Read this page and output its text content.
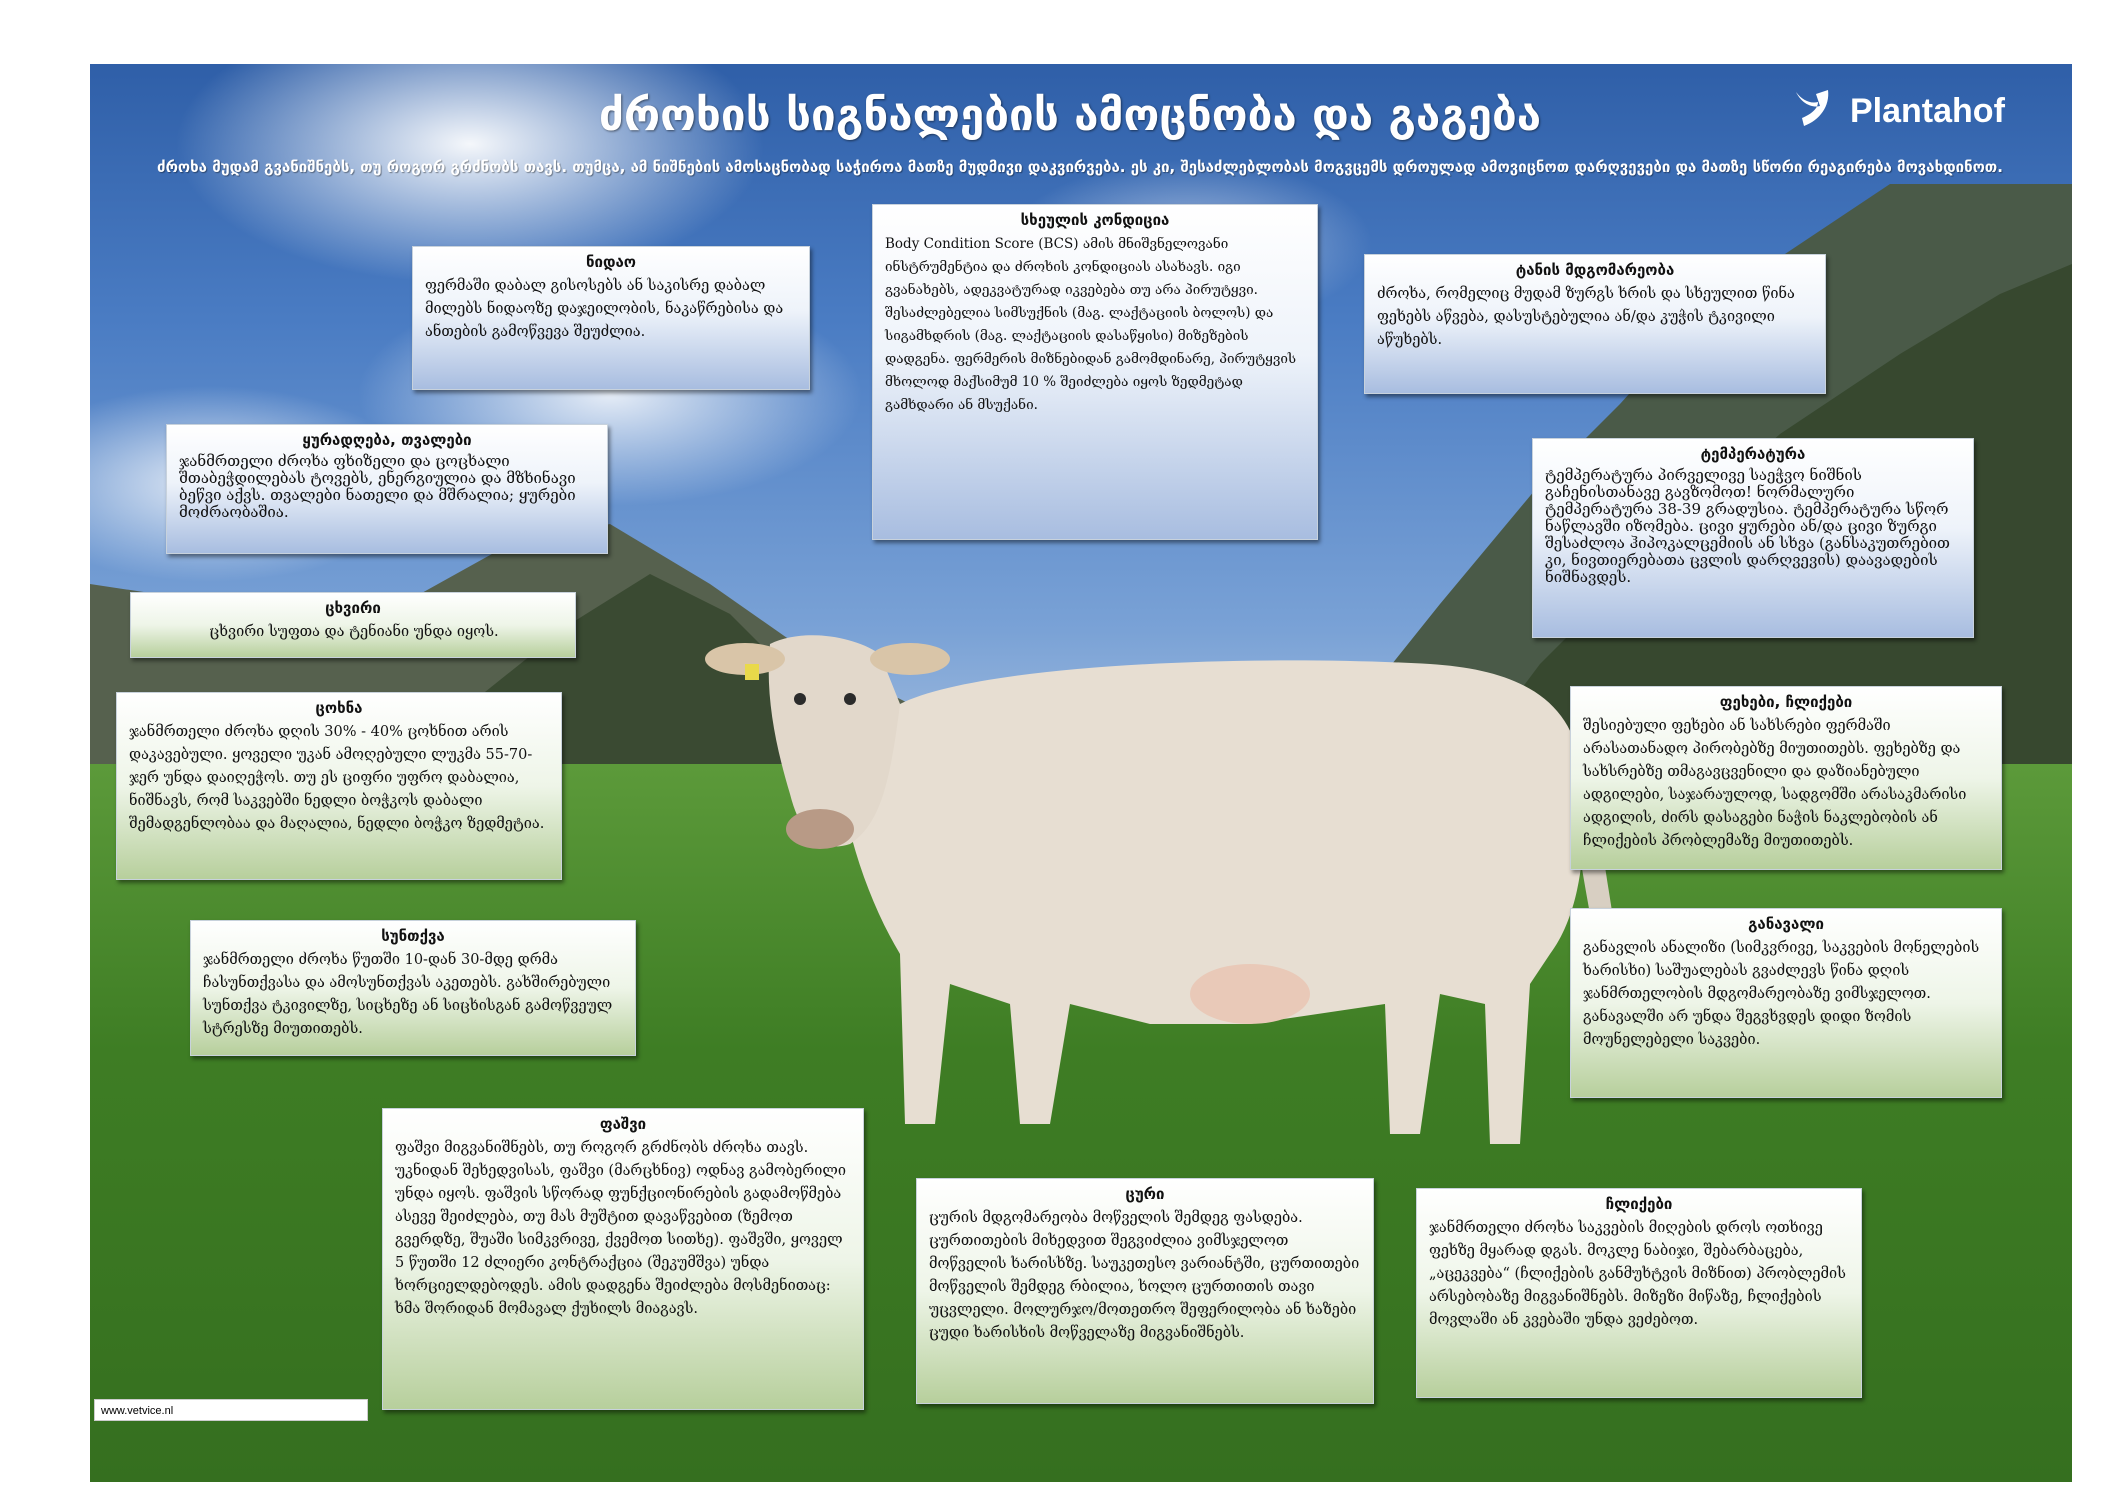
ძროხის სიგნალების ამოცნობა და გაგება
ძროხა მუდამ გვანიშნებს, თუ როგორ გრძნობს თავს. თუმცა, ამ ნიშნების ამოსაცნობად საჭიროა მათზე მუდმივი დაკვირვება. ეს კი, შესაძლებლობას მოგვცემს დროულად ამოვიცნოთ დარღვევები და მათზე სწორი რეაგირება მოვახდინოთ.
Plantahof
ნიდაო

ფერმაში დაბალ გისოსებს ან საკისრე დაბალ მილებს ნიდაოზე დაჯეილობის, ნაკაწრებისა და ანთების გამოწვევა შეუძლია.

სხეულის კონდიცია

Body Condition Score (BCS) ამის მნიშვნელოვანი ინსტრუმენტია და ძროხის კონდიციას ასახავს. იგი გვანახებს, ადეკვატურად იკვებება თუ არა პირუტყვი. შესაძლებელია სიმსუქნის (მაგ. ლაქტაციის ბოლოს) და სიგამხდრის (მაგ. ლაქტაციის დასაწყისი) მიზეზების დადგენა. ფერმერის მიზნებიდან გამომდინარე, პირუტყვის მხოლოდ მაქსიმუმ 10 % შეიძლება იყოს ზედმეტად გამხდარი ან მსუქანი.

ტანის მდგომარეობა

ძროხა, რომელიც მუდამ ზურგს ხრის და სხეულით წინა ფეხებს აწვება, დასუსტებულია ან/და კუჭის ტკივილი აწუხებს.

ყურადღება, თვალები

ჯანმრთელი ძროხა ფხიზელი და ცოცხალი შთაბეჭდილებას ტოვებს, ენერგიულია და მზხინავი ბეწვი აქვს. თვალები ნათელი და მშრალია; ყურები მოძრაობაშია.

ტემპერატურა

ტემპერატურა პირველივე საეჭვო ნიშნის გაჩენისთანავე გავზომოთ! ნორმალური ტემპერატურა 38-39 გრადუსია. ტემპერატურა სწორ ნაწლავში იზომება. ცივი ყურები ან/და ცივი ზურგი შესაძლოა ჰიპოკალცემიის ან სხვა (განსაკუთრებით კი, ნივთიერებათა ცვლის დარღვევის) დაავადების ნიშნავდეს.

ცხვირი

ცხვირი სუფთა და ტენიანი უნდა იყოს.

ცოხნა

ჯანმრთელი ძროხა დღის 30% - 40% ცოხნით არის დაკავებული. ყოველი უკან ამოღებული ლუკმა 55-70-ჯერ უნდა დაიღეჭოს. თუ ეს ციფრი უფრო დაბალია, ნიშნავს, რომ საკვებში ნედლი ბოჭკოს დაბალი შემადგენლობაა და მაღალია, ნედლი ბოჭკო ზედმეტია.

ფეხები, ჩლიქები

შესიებული ფეხები ან სახსრები ფერმაში არასათანადო პირობებზე მიუთითებს. ფეხებზე და სახსრებზე თმაგავცვენილი და დაზიანებული ადგილები, საჯარაულოდ, სადგომში არასაკმარისი ადგილის, ძირს დასაგები ნაჭის ნაკლებობის ან ჩლიქების პრობლემაზე მიუთითებს.

სუნთქვა

ჯანმრთელი ძროხა წუთში 10-დან 30-მდე დრმა ჩასუნთქვასა და ამოსუნთქვას აკეთებს. გახშირებული სუნთქვა ტკივილზე, სიცხეზე ან სიცხისგან გამოწვეულ სტრესზე მიუთითებს.

განავალი

განავლის ანალიზი (სიმკვრივე, საკვების მონელების ხარისხი) საშუალებას გვაძლევს წინა დღის ჯანმრთელობის მდგომარეობაზე ვიმსჯელოთ. განავალში არ უნდა შეგვხვდეს დიდი ზომის მოუნელებელი საკვები.

ფაშვი

ფაშვი მიგვანიშნებს, თუ როგორ გრძნობს ძროხა თავს. უკნიდან შეხედვისას, ფაშვი (მარცხნივ) ოდნავ გამობერილი უნდა იყოს. ფაშვის სწორად ფუნქციონირების გადამოწმება ასევე შეიძლება, თუ მას მუშტით დავაწვებით (ზემოთ გვერდზე, შუაში სიმკვრივე, ქვემოთ სითხე). ფაშვში, ყოველ 5 წუთში 12 ძლიერი კონტრაქცია (შეკუმშვა) უნდა ხორციელდებოდეს. ამის დადგენა შეიძლება მოსმენითაც: ხმა შორიდან მომავალ ქუხილს მიაგავს.

ცური

ცურის მდგომარეობა მოწველის შემდეგ ფასდება. ცურთითების მიხედვით შეგვიძლია ვიმსჯელოთ მოწველის ხარისხზე. საუკეთესო ვარიანტში, ცურთითები მოწველის შემდეგ რბილია, ხოლო ცურთითის თავი უცვლელი. მოლურჯო/მოთეთრო შეფერილობა ან ხაზები ცუდი ხარისხის მოწველაზე მიგვანიშნებს.

ჩლიქები

ჯანმრთელი ძროხა საკვების მიღების დროს ოთხივე ფეხზე მყარად დგას. მოკლე ნაბიჯი, შებარბაცება, „აცეკვება“ (ჩლიქების განმუხტვის მიზნით) პრობლემის არსებობაზე მიგვანიშნებს. მიზეზი მიწაზე, ჩლიქების მოვლაში ან კვებაში უნდა ვეძებოთ.

www.vetvice.nl
